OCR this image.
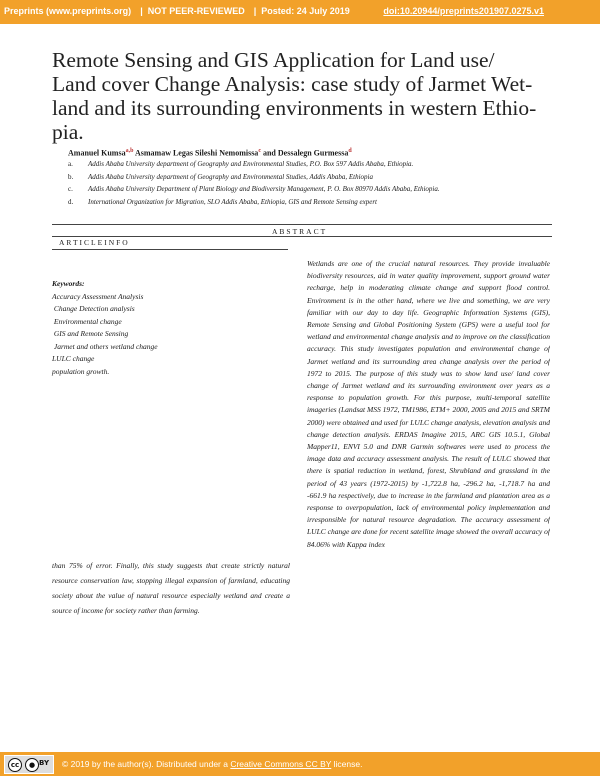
Preprints (www.preprints.org) | NOT PEER-REVIEWED | Posted: 24 July 2019	doi:10.20944/preprints201907.0275.v1
Remote Sensing and GIS Application for Land use/
Land cover Change Analysis: case study of Jarmet Wet-
land and its surrounding environments in western Ethio-
pia.
Amanuel Kumsa$^{a,b}$ Asmamaw Legas Sileshi Nemomissa$^c$ and Dessalegn Gurmessa$^d$
a. Addis Ababa University department of Geography and Environmental Studies, P.O. Box 597 Addis Ababa, Ethiopia.
b. Addis Ababa University department of Geography and Environmental Studies, Addis Ababa, Ethiopia
c. Addis Ababa University Department of Plant Biology and Biodiversity Management, P. O. Box 80970 Addis Ababa, Ethiopia.
d. International Organization for Migration, SLO Addis Ababa, Ethiopia, GIS and Remote Sensing expert
ABSTRACT
ARTICLEINFO
Keywords:
Accuracy Assessment Analysis
Change Detection analysis
Environmental change
GIS and Remote Sensing
Jarmet and others wetland change
LULC change
population growth.
Wetlands are one of the crucial natural resources. They provide invaluable biodiversity resources, aid in water quality improvement, support ground water recharge, help in moderating climate change and support flood control. Environment is in the other hand, where we live and something, we are very familiar with our day to day life. Geographic Information Systems (GIS), Remote Sensing and Global Positioning System (GPS) were a useful tool for wetland and environmental change analysis and to improve on the classification accuracy. This study investigates population and environmental change of Jarmet wetland and its surrounding area change analysis over the period of 1972 to 2015. The purpose of this study was to show land use/ land cover change of Jarmet wetland and its surrounding environment over years as a response to population growth. For this purpose, multi-temporal satellite imageries (Landsat MSS 1972, TM1986, ETM+ 2000, 2005 and 2015 and SRTM 2000) were obtained and used for LULC change analysis, elevation analysis and change detection analysis. ERDAS Imagine 2015, ARC GIS 10.5.1, Global Mapper11, ENVI 5.0 and DNR Garmin softwares were used to process the image data and accuracy assessment analysis. The result of LULC showed that there is spatial reduction in wetland, forest, Shrubland and grassland in the period of 43 years (1972-2015) by -1,722.8 ha, -296.2 ha, -1,718.7 ha and -661.9 ha respectively, due to increase in the farmland and plantation area as a response to overpopulation, lack of environmental policy implementation and irresponsible for natural resource degradation. The accuracy assessment of LULC change are done for recent satellite image showed the overall accuracy of 84.06% with Kappa index
than 75% of error. Finally, this study suggests that create strictly natural resource conservation law, stopping illegal expansion of farmland, educating society about the value of natural resource especially wetland and create a source of income for society rather than farming.
cc	● BY © 2019 by the author(s). Distributed under a Creative Commons CC BY license.
